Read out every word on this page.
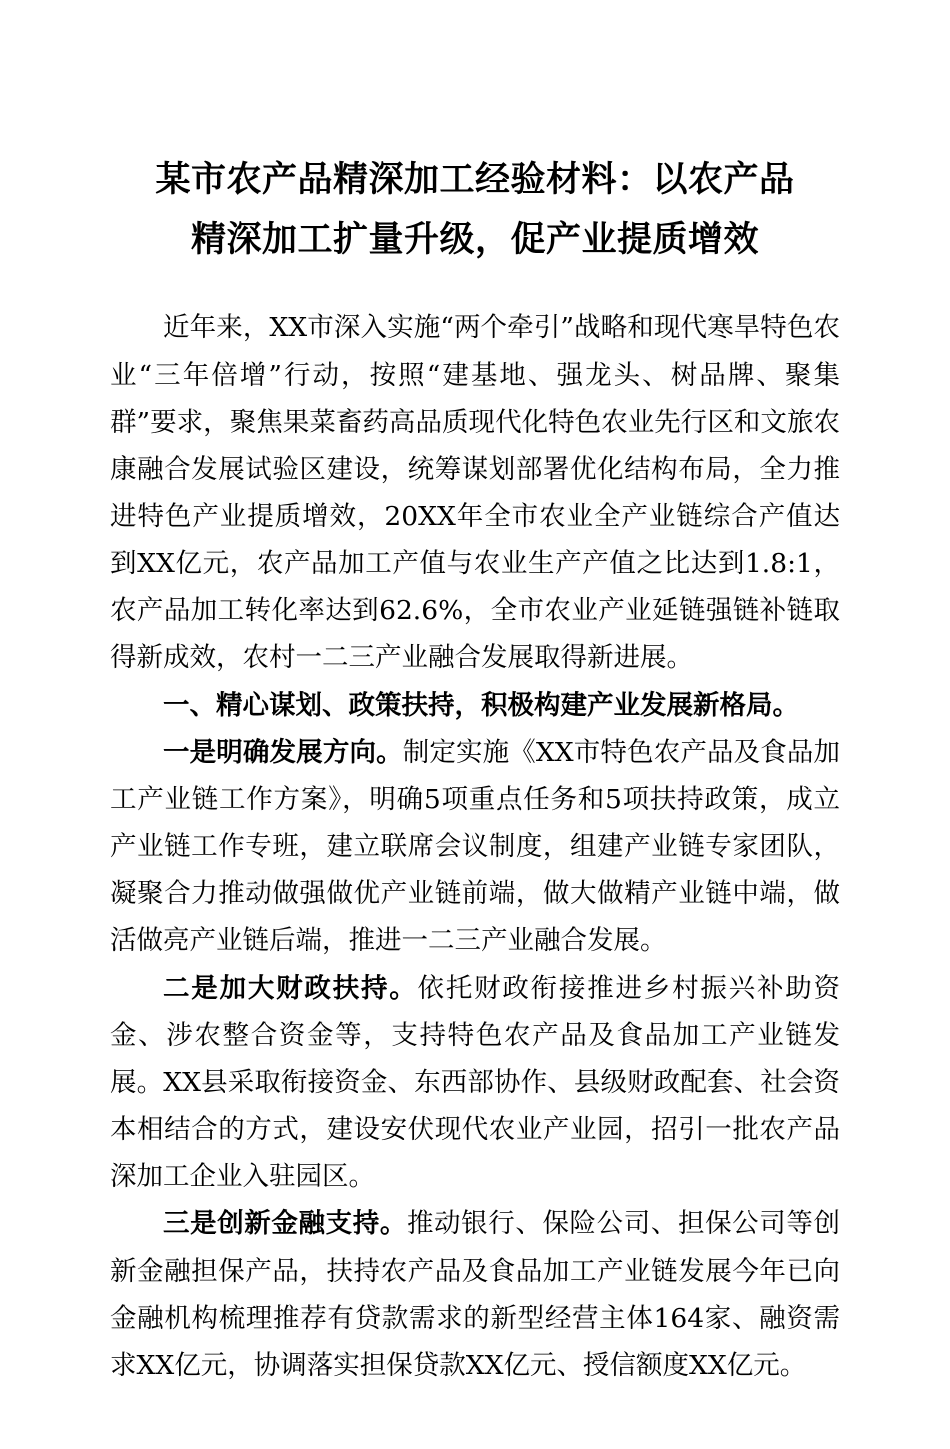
某市农产品精深加工经验材料：以农产品
精深加工扩量升级，促产业提质增效

近年来，XX市深入实施“两个牵引”战略和现代寒旱特色农业“三年倍增”行动，按照“建基地、强龙头、树品牌、聚集群”要求，聚焦果菜畜药高品质现代化特色农业先行区和文旅农康融合发展试验区建设，统筹谋划部署优化结构布局，全力推进特色产业提质增效，20XX年全市农业全产业链综合产值达到XX亿元，农产品加工产值与农业生产产值之比达到1.8:1，农产品加工转化率达到62.6%，全市农业产业延链强链补链取得新成效，农村一二三产业融合发展取得新进展。

一、精心谋划、政策扶持，积极构建产业发展新格局。

一是明确发展方向。制定实施《XX市特色农产品及食品加工产业链工作方案》，明确5项重点任务和5项扶持政策，成立产业链工作专班，建立联席会议制度，组建产业链专家团队，凝聚合力推动做强做优产业链前端，做大做精产业链中端，做活做亮产业链后端，推进一二三产业融合发展。

二是加大财政扶持。依托财政衔接推进乡村振兴补助资金、涉农整合资金等，支持特色农产品及食品加工产业链发展。XX县采取衔接资金、东西部协作、县级财政配套、社会资本相结合的方式，建设安伏现代农业产业园，招引一批农产品深加工企业入驻园区。

三是创新金融支持。推动银行、保险公司、担保公司等创新金融担保产品，扶持农产品及食品加工产业链发展今年已向金融机构梳理推荐有贷款需求的新型经营主体164家、融资需求XX亿元，协调落实担保贷款XX亿元、授信额度XX亿元。
